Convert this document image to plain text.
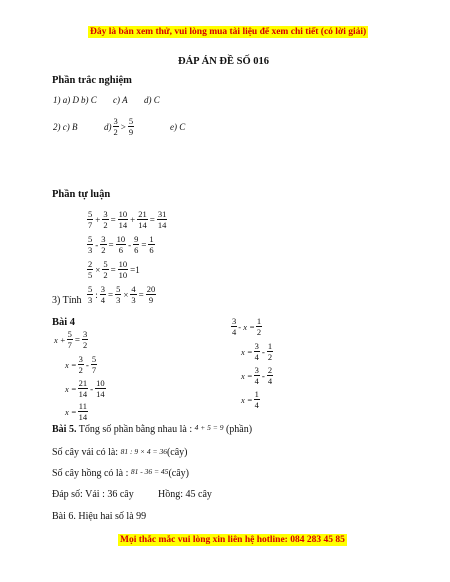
Đây là bản xem thử, vui lòng mua tài liệu để xem chi tiết (có lời giải)
ĐÁP ÁN ĐỀ SỐ 016
Phần trắc nghiệm
1) a) D b) C c) A d) C
2) c) B	$d) \frac{3}{2} > \frac{5}{9}$	e) C
Phần tự luận
$\frac{5}{7} + \frac{3}{2} = \frac{10}{14} + \frac{21}{14} = \frac{31}{14}$
$\frac{5}{3} - \frac{3}{2} = \frac{10}{6} - \frac{9}{6} = \frac{1}{6}$
$\frac{2}{5} \times \frac{5}{2} = \frac{10}{10} =1$
3) Tính $\frac{5}{3}$ : $\frac{3}{4} = \frac{5}{3} \times \frac{4}{3} = \frac{20}{9}$
Bài 4
$x + \frac{5}{7} = \frac{3}{2}$
$x = \frac{3}{2} - \frac{5}{7}$
$x = \frac{21}{14} - \frac{10}{14}$
$x = \frac{11}{14}$
$\frac{3}{4} - x = \frac{1}{2}$
$x = \frac{3}{4} - \frac{1}{2}$
$x = \frac{3}{4} - \frac{2}{4}$
$x = \frac{1}{4}$
Bài 5. Tổng số phần bằng nhau là : $^{4 + 5 = 9}$ (phần)
Số cây vải có là: 81 : 9 × 4 = 36(cây)
Số cây hồng có là : $^{81 - 36 = 45}$(cây)
Đáp số: Vải : 36 cây Hồng: 45 cây
Bài 6. Hiệu hai số là 99
Mọi thắc mắc vui lòng xin liên hệ hotline: 084 283 45 85
